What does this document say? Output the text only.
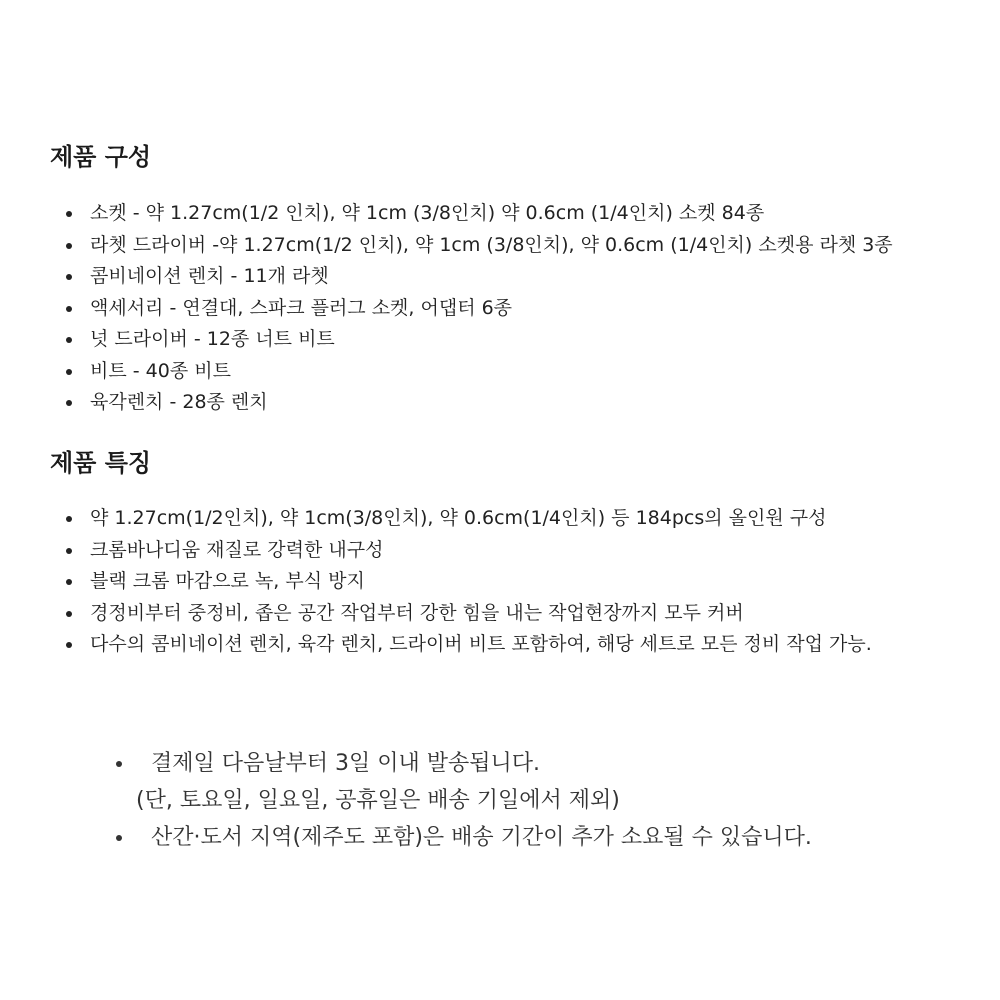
제품 구성
소켓 - 약 1.27cm(1/2 인치), 약 1cm (3/8인치) 약 0.6cm (1/4인치) 소켓 84종
라쳇 드라이버 -약 1.27cm(1/2 인치), 약 1cm (3/8인치), 약 0.6cm (1/4인치) 소켓용 라쳇 3종
콤비네이션 렌치 - 11개 라쳇
액세서리 - 연결대, 스파크 플러그 소켓, 어댑터 6종
넛 드라이버 - 12종 너트 비트
비트 - 40종 비트
육각렌치 - 28종 렌치
제품 특징
약 1.27cm(1/2인치), 약 1cm(3/8인치), 약 0.6cm(1/4인치) 등 184pcs의 올인원 구성
크롬바나디움 재질로 강력한 내구성
블랙 크롬 마감으로 녹, 부식 방지
경정비부터 중정비, 좁은 공간 작업부터 강한 힘을 내는 작업현장까지 모두 커버
다수의 콤비네이션 렌치, 육각 렌치, 드라이버 비트 포함하여, 해당 세트로 모든 정비 작업 가능.
결제일 다음날부터 3일 이내 발송됩니다.
(단, 토요일, 일요일, 공휴일은 배송 기일에서 제외)
산간·도서 지역(제주도 포함)은 배송 기간이 추가 소요될 수 있습니다.
